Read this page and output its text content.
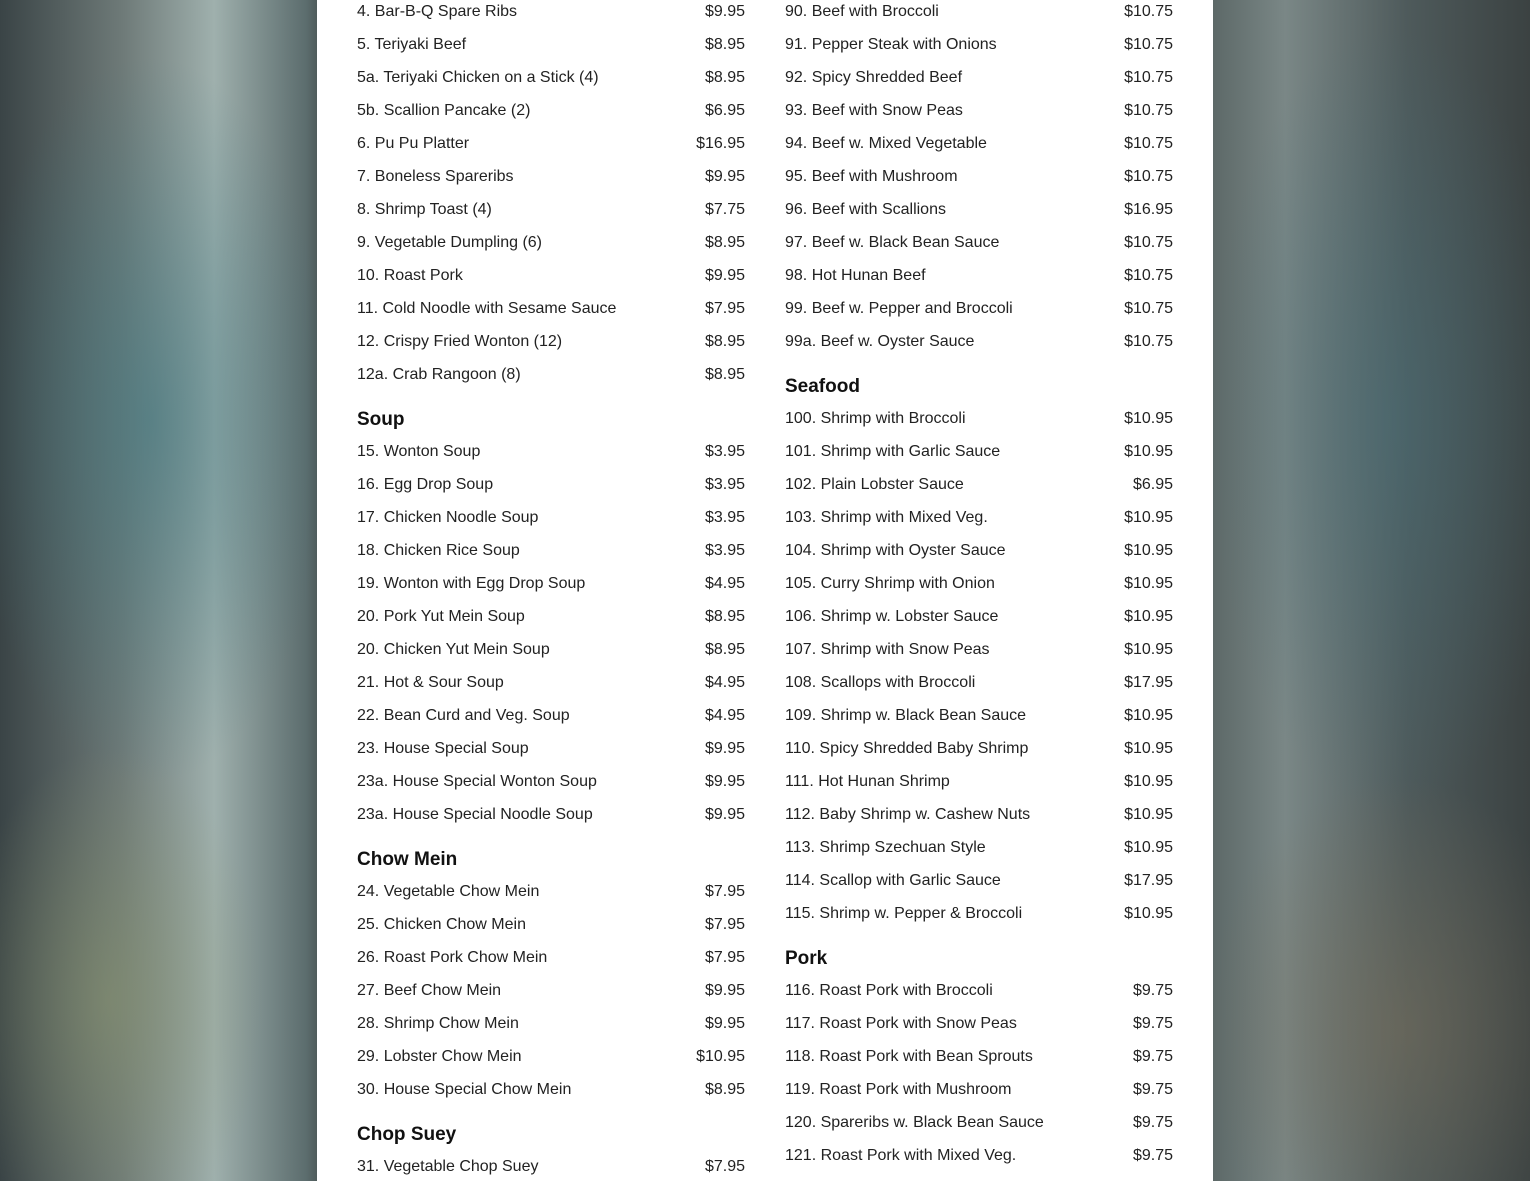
4. Bar-B-Q Spare Ribs	$9.95
5. Teriyaki Beef	$8.95
5a. Teriyaki Chicken on a Stick (4)	$8.95
5b. Scallion Pancake (2)	$6.95
6. Pu Pu Platter	$16.95
7. Boneless Spareribs	$9.95
8. Shrimp Toast (4)	$7.75
9. Vegetable Dumpling (6)	$8.95
10. Roast Pork	$9.95
11. Cold Noodle with Sesame Sauce	$7.95
12. Crispy Fried Wonton (12)	$8.95
12a. Crab Rangoon (8)	$8.95
Soup
15. Wonton Soup	$3.95
16. Egg Drop Soup	$3.95
17. Chicken Noodle Soup	$3.95
18. Chicken Rice Soup	$3.95
19. Wonton with Egg Drop Soup	$4.95
20. Pork Yut Mein Soup	$8.95
20. Chicken Yut Mein Soup	$8.95
21. Hot & Sour Soup	$4.95
22. Bean Curd and Veg. Soup	$4.95
23. House Special Soup	$9.95
23a. House Special Wonton Soup	$9.95
23a. House Special Noodle Soup	$9.95
Chow Mein
24. Vegetable Chow Mein	$7.95
25. Chicken Chow Mein	$7.95
26. Roast Pork Chow Mein	$7.95
27. Beef Chow Mein	$9.95
28. Shrimp Chow Mein	$9.95
29. Lobster Chow Mein	$10.95
30. House Special Chow Mein	$8.95
Chop Suey
31. Vegetable Chop Suey	$7.95
90. Beef with Broccoli	$10.75
91. Pepper Steak with Onions	$10.75
92. Spicy Shredded Beef	$10.75
93. Beef with Snow Peas	$10.75
94. Beef w. Mixed Vegetable	$10.75
95. Beef with Mushroom	$10.75
96. Beef with Scallions	$16.95
97. Beef w. Black Bean Sauce	$10.75
98. Hot Hunan Beef	$10.75
99. Beef w. Pepper and Broccoli	$10.75
99a. Beef w. Oyster Sauce	$10.75
Seafood
100. Shrimp with Broccoli	$10.95
101. Shrimp with Garlic Sauce	$10.95
102. Plain Lobster Sauce	$6.95
103. Shrimp with Mixed Veg.	$10.95
104. Shrimp with Oyster Sauce	$10.95
105. Curry Shrimp with Onion	$10.95
106. Shrimp w. Lobster Sauce	$10.95
107. Shrimp with Snow Peas	$10.95
108. Scallops with Broccoli	$17.95
109. Shrimp w. Black Bean Sauce	$10.95
110. Spicy Shredded Baby Shrimp	$10.95
111. Hot Hunan Shrimp	$10.95
112. Baby Shrimp w. Cashew Nuts	$10.95
113. Shrimp Szechuan Style	$10.95
114. Scallop with Garlic Sauce	$17.95
115. Shrimp w. Pepper & Broccoli	$10.95
Pork
116. Roast Pork with Broccoli	$9.75
117. Roast Pork with Snow Peas	$9.75
118. Roast Pork with Bean Sprouts	$9.75
119. Roast Pork with Mushroom	$9.75
120. Spareribs w. Black Bean Sauce	$9.75
121. Roast Pork with Mixed Veg.	$9.75
